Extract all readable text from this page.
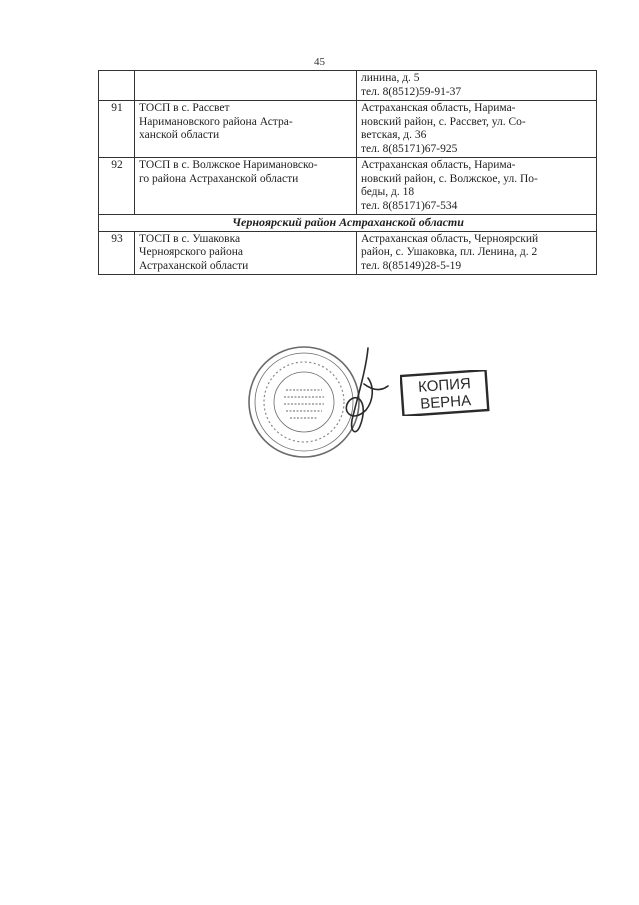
45
		линина, д. 5
тел. 8(8512)59-91-37
91	ТОСП в с. Рассвет
Наримановского района Астра-
ханской области	Астраханская область, Нарима-
новский район, с. Рассвет, ул. Со-
ветская, д. 36
тел. 8(85171)67-925
92	ТОСП в с. Волжское Наримановско-
го района Астраханской области	Астраханская область, Нарима-
новский район, с. Волжское, ул. По-
беды, д. 18
тел. 8(85171)67-534
Черноярский район Астраханской области		
93	ТОСП в с. Ушаковка
Черноярского района
Астраханской области	Астраханская область, Черноярский
район, с. Ушаковка, пл. Ленина, д. 2
тел. 8(85149)28-5-19
КОПИЯ
ВЕРНА
